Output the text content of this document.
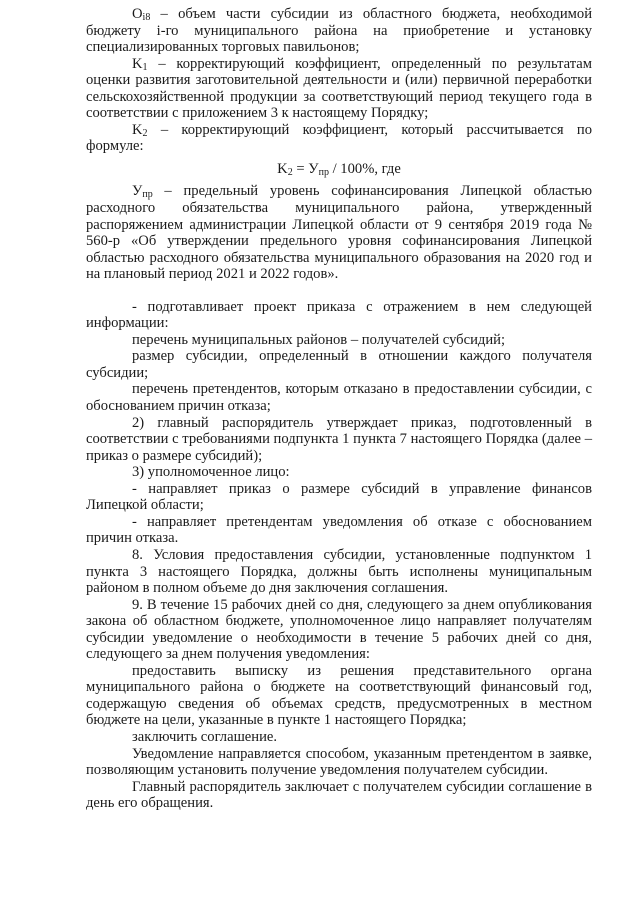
$O_{i8}$ – объем части субсидии из областного бюджета, необходимой бюджету i-го муниципального района на приобретение и установку специализированных торговых павильонов;

$K_1$ – корректирующий коэффициент, определенный по результатам оценки развития заготовительной деятельности и (или) первичной переработки сельскохозяйственной продукции за соответствующий период текущего года в соответствии с приложением 3 к настоящему Порядку;

$K_2$ – корректирующий коэффициент, который рассчитывается по формуле:

$K_2 = У_{пр} / 100\%$, где

$У_{пр}$ – предельный уровень софинансирования Липецкой областью расходного обязательства муниципального района, утвержденный распоряжением администрации Липецкой области от 9 сентября 2019 года № 560-р «Об утверждении предельного уровня софинансирования Липецкой областью расходного обязательства муниципального образования на 2020 год и на плановый период 2021 и 2022 годов».

- подготавливает проект приказа с отражением в нем следующей информации:

перечень муниципальных районов – получателей субсидий;

размер субсидии, определенный в отношении каждого получателя субсидии;

перечень претендентов, которым отказано в предоставлении субсидии, с обоснованием причин отказа;

2) главный распорядитель утверждает приказ, подготовленный в соответствии с требованиями подпункта 1 пункта 7 настоящего Порядка (далее – приказ о размере субсидий);

3) уполномоченное лицо:

- направляет приказ о размере субсидий в управление финансов Липецкой области;

- направляет претендентам уведомления об отказе с обоснованием причин отказа.

8. Условия предоставления субсидии, установленные подпунктом 1 пункта 3 настоящего Порядка, должны быть исполнены муниципальным районом в полном объеме до дня заключения соглашения.

9. В течение 15 рабочих дней со дня, следующего за днем опубликования закона об областном бюджете, уполномоченное лицо направляет получателям субсидии уведомление о необходимости в течение 5 рабочих дней со дня, следующего за днем получения уведомления:

предоставить выписку из решения представительного органа муниципального района о бюджете на соответствующий финансовый год, содержащую сведения об объемах средств, предусмотренных в местном бюджете на цели, указанные в пункте 1 настоящего Порядка;

заключить соглашение.

Уведомление направляется способом, указанным претендентом в заявке, позволяющим установить получение уведомления получателем субсидии.

Главный распорядитель заключает с получателем субсидии соглашение в день его обращения.
